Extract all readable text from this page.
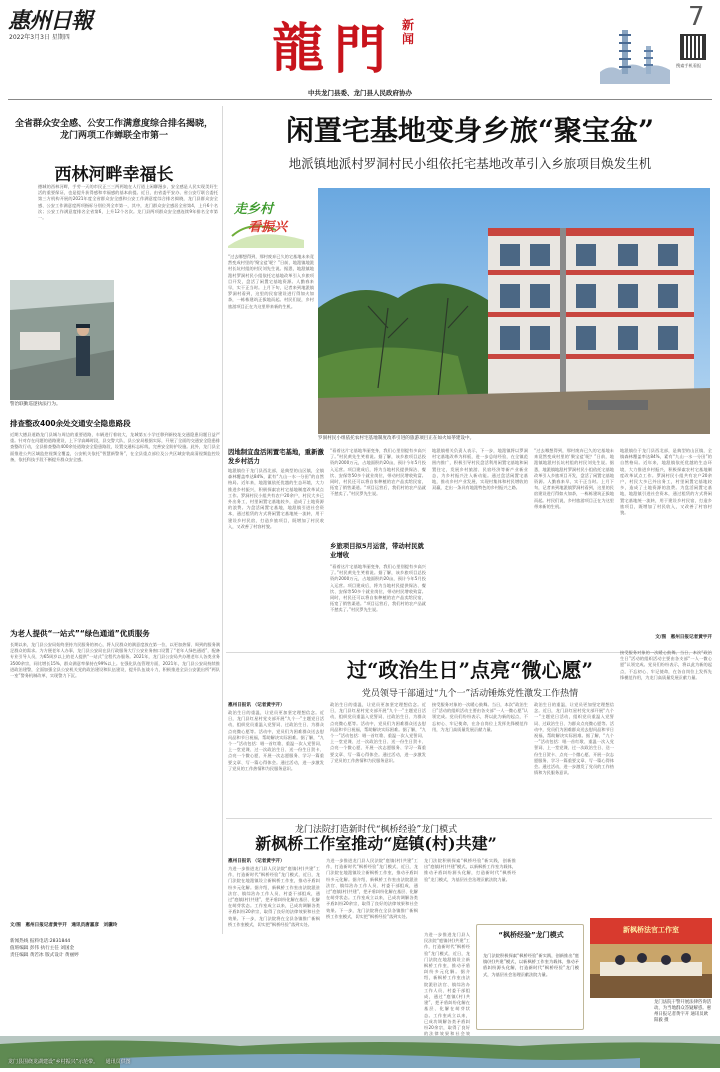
惠州日報
2022年3月3日 星期四	龍 門 新闻
中共龙门县委、龙门县人民政府协办
7
搜索手机看报
全省群众安全感、公安工作满意度综合排名揭晓，龙门两项工作蝉联全市第一
西林河畔幸福长
德城的西林河畔，手劳一天的市民正三三两两地在人行道上闲聊漫步，安全感是人民实现美好生活的重要保证，也是提升获得感和幸福感的基本前提。近日，由省委平安办、省公安厅联合委托第三方机构开展的2021年度全省群众安全感和公安工作满意度综合排名揭晓，龙门县群众安全感、公安工作满意度两项指标分别位列全市第一，其中，龙门群众安全感居全省第4，上升6个名次；公安工作满意度排名全省第6，上升12个名次。龙门县两项群众安全感连续9年排名全市第一。
警治联勤巡逻执法行为。
排查整改400余处交通安全隐患路段
近期大德县道路龙门县城与周边的重要道路，车辆进行着较大，龙城第五小学迁移到新校址交通隐患问题日益严重。针对存在问题的道路建设，上下学高峰时段，县交警大队、县公安局根据实际，开展了全面的交通安全隐患排查整改行动，全县排查整改400余处道路安全隐患路段，设置交通标志标线，完善安全防护设施。此外，龙门县全面推进公共区域监控视频全覆盖，公安机关依托“智慧新警务”，在全县重点部位及公共区域安装高清视频监控设备，依托科技手段不断提升群众安全感。
为老人提供“一站式”“绿色通道”优质服务
长期以来，龙门县公安局始终坚持为民服务的初心，将人民群众的满意度放在第一位，以更加热情、周到的服务满足群众的需求。为方便老年人办事，龙门县公安局在县行政服务大厅公安业务窗口设置了“老年人绿色通道”，配备专业引导人员，为65周岁以上的老人提供“一站式”全程代办服务。2021年，龙门县公安局共办理老年人各类业务3500余宗，同比增长15%，群众满意率保持在99%以上。在强化队伍管理方面，2021年，龙门县公安局持续推进政治建警，全面加强全县公安机关党的政治建设和队伍建设，提升队伍战斗力，积极推进全县公安派出所“两队一室”警务机制改革，实现警力下沉。
文/图　惠州日报记者黄宇开　通讯员唐嘉彦　刘骥玲
新闻热线 报料电话:2831844
值班编辑 彭伟 执行主任 刘国金
责任编辑 黄若冰 版式设计 黄丽婷
闲置宅基地变身乡旅“聚宝盆”
地派镇地派村罗洞村民小组依托宅基地改革引入乡旅项目焕发生机
走乡村
看振兴
“过去哪想得到，那村废弃已久的宅基地未来竟然变成村里的‘聚宝盆’呢？”日前，地派镇地派村长坑村组的村民刘先生说。据悉，地派镇地派村罗洞村民小组依托宅基地改革引入乡旅项目开发，盘活了闲置宅基地资源。人勤春来早，实干正当时。上月下旬，记者来到地派镇罗洞村看到，这里的民宿建设进行得如火如荼，一栋栋建筑正拔地而起。村民们说，乡村旅游项目正在为这里带来新的生机。
罗洞村民小组依托农村宅基地制度改革引进的旅游项目正在如火如荼建设中。
因地制宜盘活闲置宅基地，重新激发乡村活力
地派镇位于龙门县西北部，是典型的山区镇，全镇森林覆盖率达84%，素有“九山一水一分田”的自然格局。近年来，地派镇依托优越的生态环境，大力推进乡村振兴，积极探索农村宅基地制度改革试点工作。罗洞村民小组共有农户20余户，村民大多已外出务工，村里闲置宅基地较多，造成了土地资源的浪费。为盘活闲置宅基地，地派镇引进社会资本，通过租赁的方式将闲置宅基地统一流转，用于建设乡村民宿，打造乡旅项目，既增加了村民收入，又改善了村容村貌。
“看着这片宅基地华丽变身，我们心里别提有多高兴了。”村民黄先生笑着说。据了解，该乡旅项目总投资约2000万元，占地面积约20亩，预计今年5月投入运营。项目建成后，将为当地村民提供保洁、餐饮、安保等50多个就业岗位，带动村民增收致富。同时，村民还可以将自家种植的农产品卖给民宿，拓宽了销售渠道。“项目运营后，我们村的农产品就不愁卖了。”村民罗先生说。
乡旅项目拟5月运营，带动村民就业增收
“看着这片宅基地华丽变身，我们心里别提有多高兴了。”村民黄先生笑着说。据了解，该乡旅项目总投资约2000万元，占地面积约20亩，预计今年5月投入运营。项目建成后，将为当地村民提供保洁、餐饮、安保等50多个就业岗位，带动村民增收致富。同时，村民还可以将自家种植的农产品卖给民宿，拓宽了销售渠道。“项目运营后，我们村的农产品就不愁卖了。”村民罗先生说。
地派镇相关负责人表示，下一步，地派镇将以罗洞村宅基地改革为样板，进一步总结经验，在全镇范围内推广，积极引导村民盘活利用闲置宅基地和闲置住宅，发展乡村旅游、民宿经济等新产业新业态，为乡村振兴注入新动能。通过盘活闲置宅基地，推动乡村产业发展，实现村集体和村民增收的双赢，走出一条具有地派特色的乡村振兴之路。
“过去哪想得到，那村废弃已久的宅基地未来竟然变成村里的‘聚宝盆’呢？”日前，地派镇地派村长坑村组的村民刘先生说。据悉，地派镇地派村罗洞村民小组依托宅基地改革引入乡旅项目开发，盘活了闲置宅基地资源。人勤春来早，实干正当时。上月下旬，记者来到地派镇罗洞村看到，这里的民宿建设进行得如火如荼，一栋栋建筑正拔地而起。村民们说，乡村旅游项目正在为这里带来新的生机。
地派镇位于龙门县西北部，是典型的山区镇，全镇森林覆盖率达84%，素有“九山一水一分田”的自然格局。近年来，地派镇依托优越的生态环境，大力推进乡村振兴，积极探索农村宅基地制度改革试点工作。罗洞村民小组共有农户20余户，村民大多已外出务工，村里闲置宅基地较多，造成了土地资源的浪费。为盘活闲置宅基地，地派镇引进社会资本，通过租赁的方式将闲置宅基地统一流转，用于建设乡村民宿，打造乡旅项目，既增加了村民收入，又改善了村容村貌。
文/图　惠州日报记者黄宇开
过“政治生日”点亮“微心愿”
党员领导干部通过“九个一”活动锤炼党性激发工作热情
惠州日报讯 （记者黄宇开）
政治生日的重温，让党员更加坚定理想信念。近日，龙门县红星村党支部开展“九个一”主题党日活动，组织党员重温入党誓词、过政治生日、为群众点亮微心愿等。活动中，党员们为困难群众送去慰问品和节日祝福，帮助解决实际困难。据了解，“九个一”活动包括：唱一首红歌、重温一次入党誓词、上一堂党课、过一次政治生日、送一份生日贺卡、点亮一个微心愿、开展一次志愿服务、学习一篇重要文章、写一篇心得体会。通过活动，进一步激发了党员的工作热情和为民服务意识。
政治生日的重温，让党员更加坚定理想信念。近日，龙门县红星村党支部开展“九个一”主题党日活动，组织党员重温入党誓词、过政治生日、为群众点亮微心愿等。活动中，党员们为困难群众送去慰问品和节日祝福，帮助解决实际困难。据了解，“九个一”活动包括：唱一首红歌、重温一次入党誓词、上一堂党课、过一次政治生日、送一份生日贺卡、点亮一个微心愿、开展一次志愿服务、学习一篇重要文章、写一篇心得体会。通过活动，进一步激发了党员的工作热情和为民服务意识。
接受服务对象的一次暖心鼓舞。当日，本次“政治生日”活动的组织活动主要由各支部“一人一微心愿”认领完成。党员们纷纷表示，将以此为新的起点，不忘初心、牢记使命，在各自岗位上发挥先锋模范作用，为龙门高质量发展贡献力量。
政治生日的重温，让党员更加坚定理想信念。近日，龙门县红星村党支部开展“九个一”主题党日活动，组织党员重温入党誓词、过政治生日、为群众点亮微心愿等。活动中，党员们为困难群众送去慰问品和节日祝福，帮助解决实际困难。据了解，“九个一”活动包括：唱一首红歌、重温一次入党誓词、上一堂党课、过一次政治生日、送一份生日贺卡、点亮一个微心愿、开展一次志愿服务、学习一篇重要文章、写一篇心得体会。通过活动，进一步激发了党员的工作热情和为民服务意识。
接受服务对象的一次暖心鼓舞。当日，本次“政治生日”活动的组织活动主要由各支部“一人一微心愿”认领完成。党员们纷纷表示，将以此为新的起点，不忘初心、牢记使命，在各自岗位上发挥先锋模范作用，为龙门高质量发展贡献力量。
龙门法院打造新时代“枫桥经验”龙门模式
新枫桥工作室推动“庭镇(村)共建”
惠州日报讯 （记者黄宇开）
为进一步推进龙门县人民法院“庭镇(村)共建”工作，打造新时代“枫桥经验”龙门模式，近日，龙门法院在地派镇设立新枫桥工作室，推动矛盾纠纷多元化解。据介绍，新枫桥工作室由法院派驻法官、镇综治办工作人员、村委干部组成，通过“庭镇(村)共建”，把矛盾纠纷化解在基层、化解在萌芽状态。工作室成立以来，已成功调解各类矛盾纠纷20余宗，取得了良好的法律效果和社会效果。下一步，龙门法院将在全县各镇推广新枫桥工作室模式，切实把“枫桥经验”落到实处。
为进一步推进龙门县人民法院“庭镇(村)共建”工作，打造新时代“枫桥经验”龙门模式，近日，龙门法院在地派镇设立新枫桥工作室，推动矛盾纠纷多元化解。据介绍，新枫桥工作室由法院派驻法官、镇综治办工作人员、村委干部组成，通过“庭镇(村)共建”，把矛盾纠纷化解在基层、化解在萌芽状态。工作室成立以来，已成功调解各类矛盾纠纷20余宗，取得了良好的法律效果和社会效果。下一步，龙门法院将在全县各镇推广新枫桥工作室模式，切实把“枫桥经验”落到实处。
龙门法院积极探索“枫桥经验”新实践，创新推出“庭镇(村)共建”模式，以新枫桥工作室为载体，推动矛盾纠纷源头化解，打造新时代“枫桥经验”龙门模式，为基层社会治理贡献法院力量。
为进一步推进龙门县人民法院“庭镇(村)共建”工作，打造新时代“枫桥经验”龙门模式，近日，龙门法院在地派镇设立新枫桥工作室，推动矛盾纠纷多元化解。据介绍，新枫桥工作室由法院派驻法官、镇综治办工作人员、村委干部组成，通过“庭镇(村)共建”，把矛盾纠纷化解在基层、化解在萌芽状态。工作室成立以来，已成功调解各类矛盾纠纷20余宗，取得了良好的法律效果和社会效
“枫桥经验”龙门模式
龙门法院积极探索“枫桥经验”新实践，创新推出“庭镇(村)共建”模式，以新枫桥工作室为载体，推动矛盾纠纷源头化解，打造新时代“枫桥经验”龙门模式，为基层社会治理贡献法院力量。
新枫桥法官工作室
龙门法院干警开展法律咨询活动，为当地群众答疑解惑。惠州日报记者黄宇开 通讯员欧阳毅 摄
龙门县围绕龙湖建设“乡村振兴”示范带。　　通讯员供图
